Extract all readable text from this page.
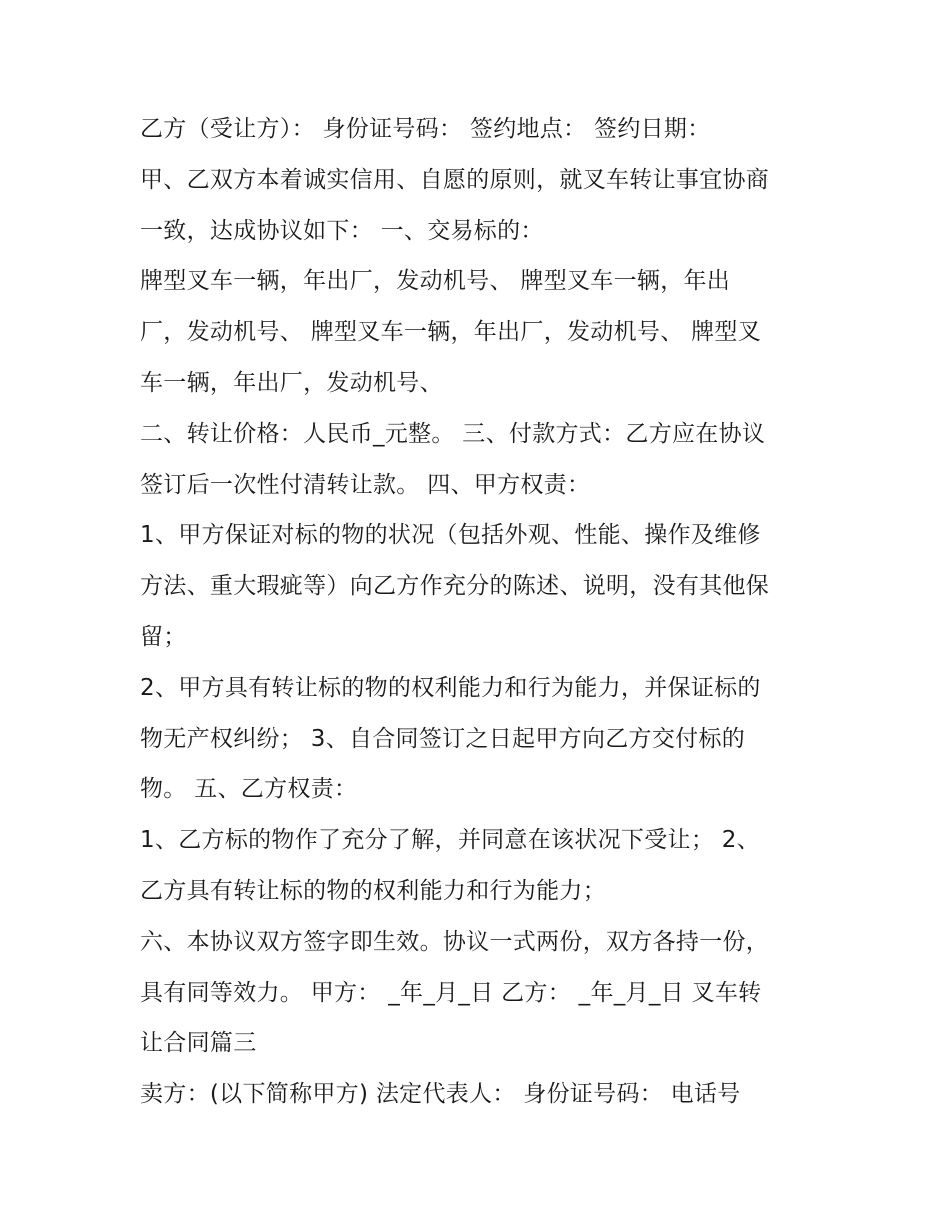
乙方（受让方）： 身份证号码： 签约地点： 签约日期：
甲、乙双方本着诚实信用、自愿的原则，就叉车转让事宜协商
一致，达成协议如下： 一、交易标的：
牌型叉车一辆，年出厂，发动机号、 牌型叉车一辆，年出
厂，发动机号、 牌型叉车一辆，年出厂，发动机号、 牌型叉
车一辆，年出厂，发动机号、
二、转让价格：人民币_元整。 三、付款方式：乙方应在协议
签订后一次性付清转让款。 四、甲方权责：
1、甲方保证对标的物的状况（包括外观、性能、操作及维修
方法、重大瑕疵等）向乙方作充分的陈述、说明，没有其他保
留；
2、甲方具有转让标的物的权利能力和行为能力，并保证标的
物无产权纠纷； 3、自合同签订之日起甲方向乙方交付标的
物。 五、乙方权责：
1、乙方标的物作了充分了解，并同意在该状况下受让； 2、
乙方具有转让标的物的权利能力和行为能力；
六、本协议双方签字即生效。协议一式两份，双方各持一份，
具有同等效力。 甲方： _年_月_日 乙方： _年_月_日 叉车转
让合同篇三
卖方：(以下简称甲方) 法定代表人： 身份证号码： 电话号
